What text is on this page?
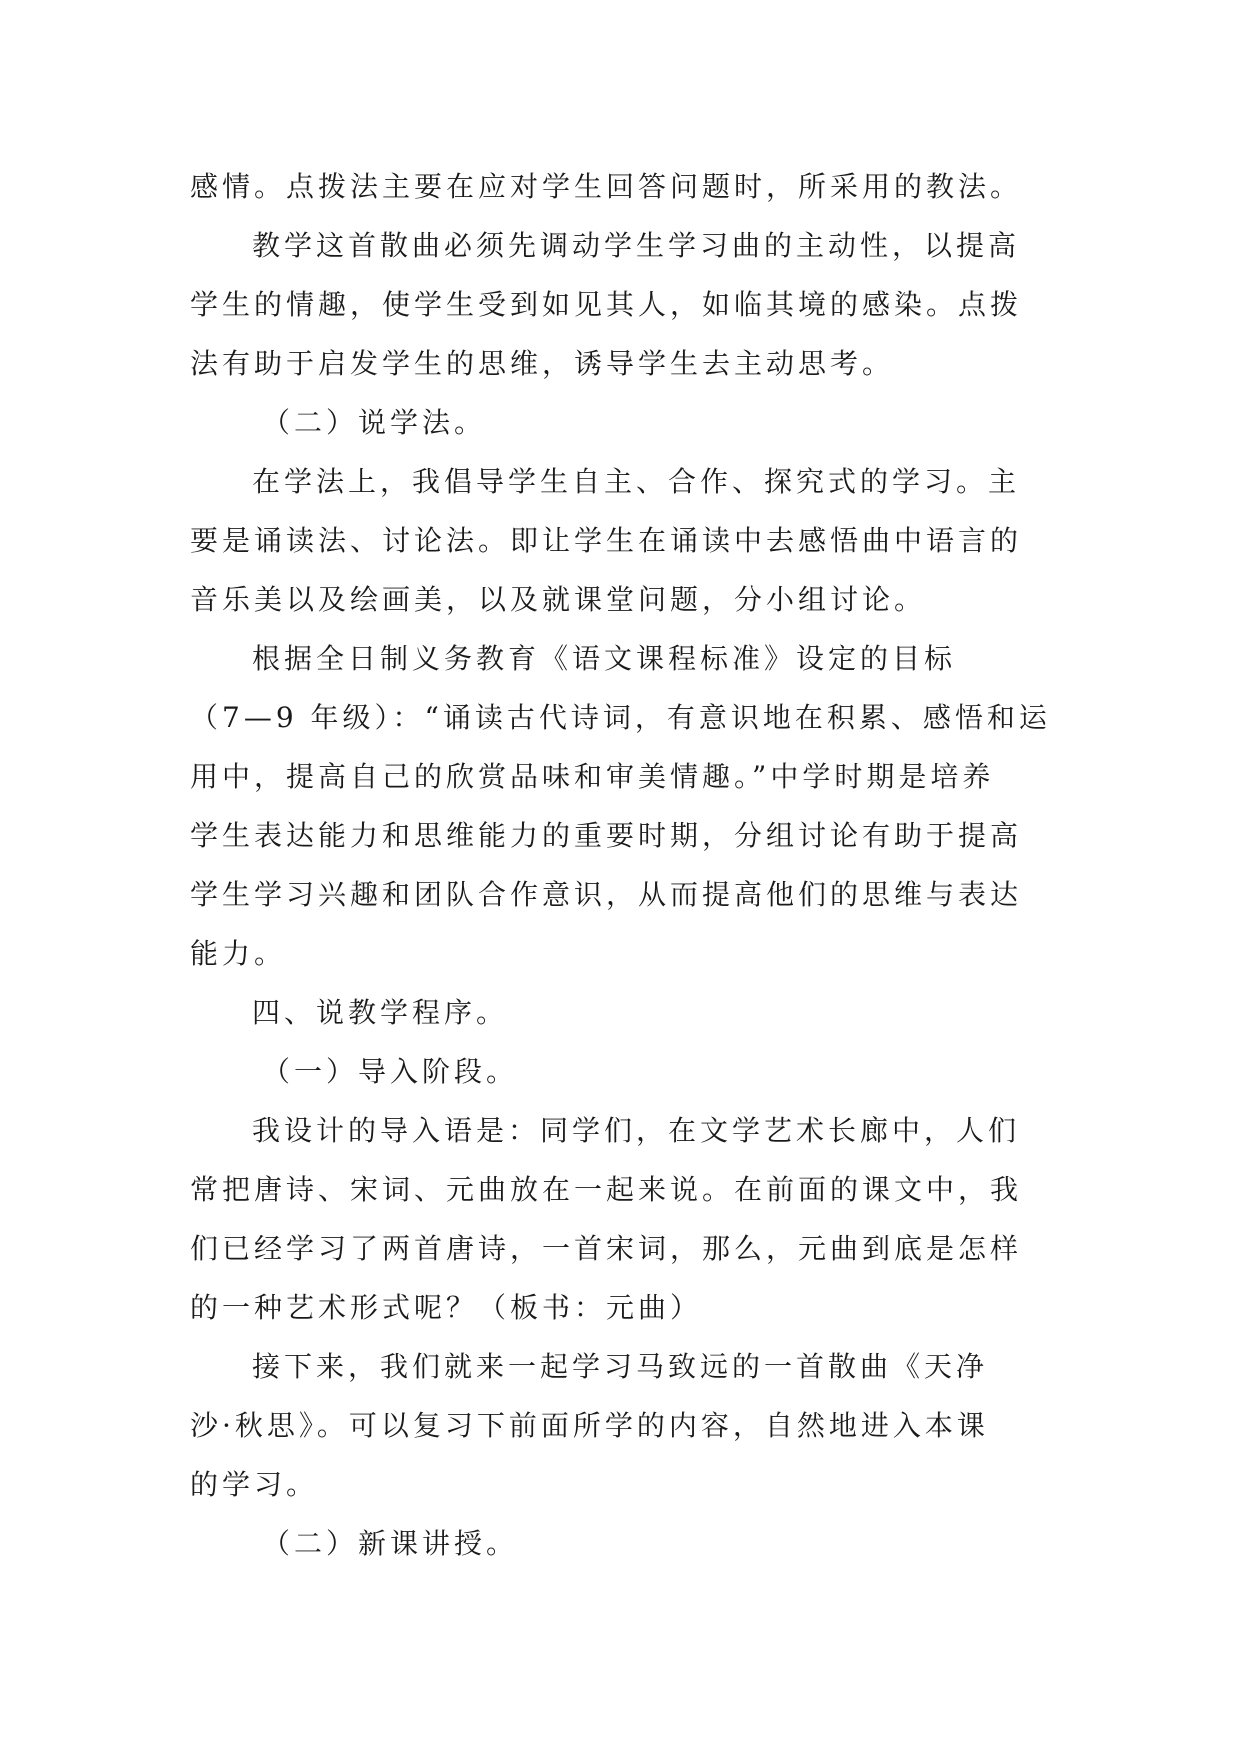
感情。点拨法主要在应对学生回答问题时，所采用的教法。
教学这首散曲必须先调动学生学习曲的主动性，以提高
学生的情趣，使学生受到如见其人，如临其境的感染。点拨
法有助于启发学生的思维，诱导学生去主动思考。
（二）说学法。
在学法上，我倡导学生自主、合作、探究式的学习。主
要是诵读法、讨论法。即让学生在诵读中去感悟曲中语言的
音乐美以及绘画美，以及就课堂问题，分小组讨论。
根据全日制义务教育《语文课程标准》设定的目标
（7—9 年级）：“诵读古代诗词，有意识地在积累、感悟和运
用中，提高自己的欣赏品味和审美情趣。”中学时期是培养
学生表达能力和思维能力的重要时期，分组讨论有助于提高
学生学习兴趣和团队合作意识，从而提高他们的思维与表达
能力。
四、说教学程序。
（一）导入阶段。
我设计的导入语是：同学们，在文学艺术长廊中，人们
常把唐诗、宋词、元曲放在一起来说。在前面的课文中，我
们已经学习了两首唐诗，一首宋词，那么，元曲到底是怎样
的一种艺术形式呢？（板书：元曲）
接下来，我们就来一起学习马致远的一首散曲《天净
沙·秋思》。可以复习下前面所学的内容，自然地进入本课
的学习。
（二）新课讲授。
